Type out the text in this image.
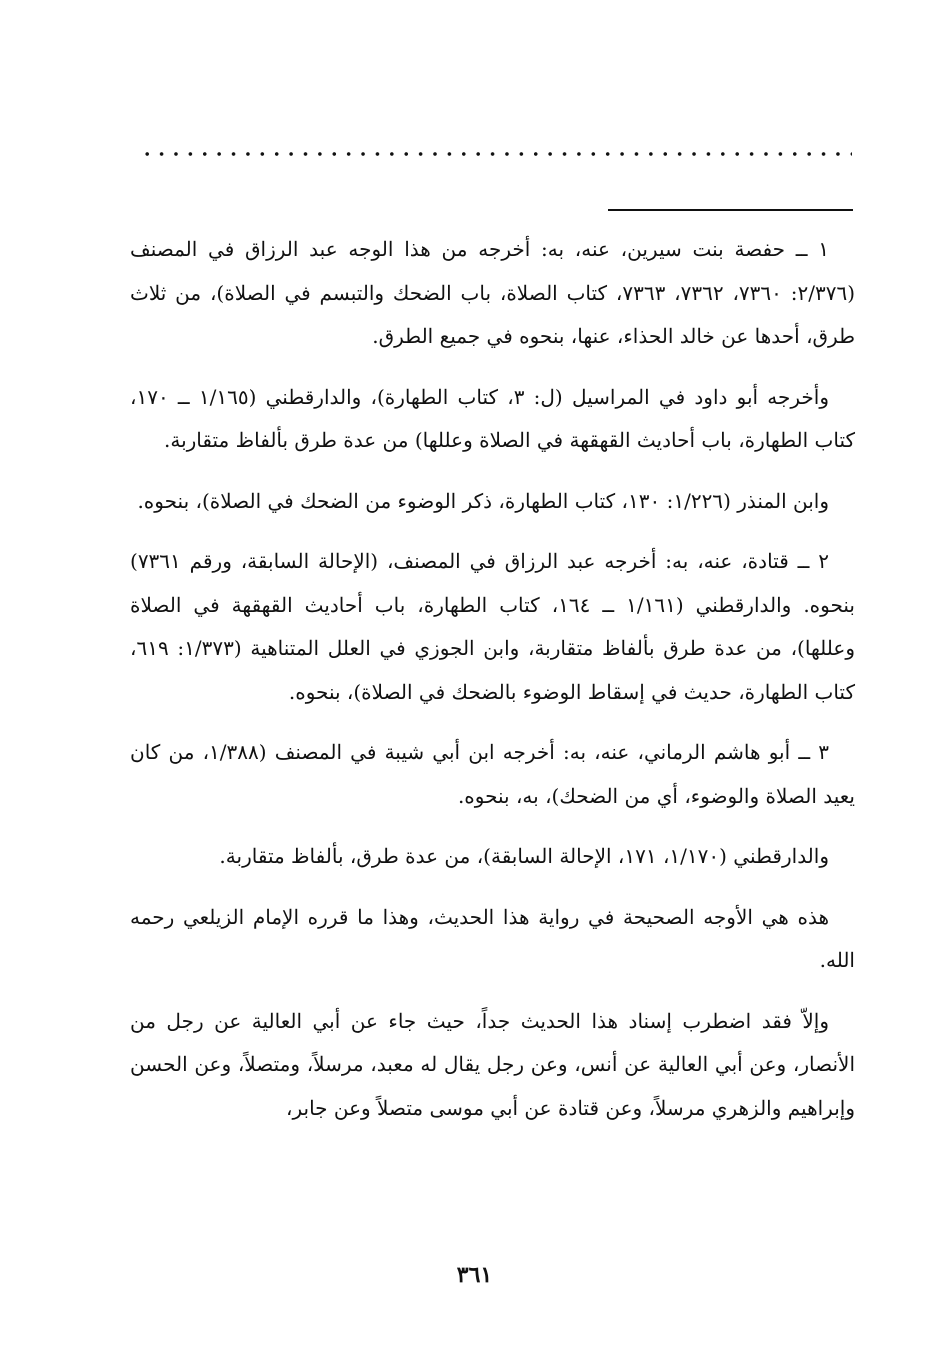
١ ــ حفصة بنت سيرين، عنه، به: أخرجه من هذا الوجه عبد الرزاق في المصنف (٢/٣٧٦: ٧٣٦٠، ٧٣٦٢، ٧٣٦٣، كتاب الصلاة، باب الضحك والتبسم في الصلاة)، من ثلاث طرق، أحدها عن خالد الحذاء، عنها، بنحوه في جميع الطرق.

وأخرجه أبو داود في المراسيل (ل: ٣، كتاب الطهارة)، والدارقطني (١/١٦٥ ــ ١٧٠، كتاب الطهارة، باب أحاديث القهقهة في الصلاة وعللها) من عدة طرق بألفاظ متقاربة.

وابن المنذر (١/٢٢٦: ١٣٠، كتاب الطهارة، ذكر الوضوء من الضحك في الصلاة)، بنحوه.

٢ ــ قتادة، عنه، به: أخرجه عبد الرزاق في المصنف، (الإحالة السابقة، ورقم ٧٣٦١) بنحوه. والدارقطني (١/١٦١ ــ ١٦٤، كتاب الطهارة، باب أحاديث القهقهة في الصلاة وعللها)، من عدة طرق بألفاظ متقاربة، وابن الجوزي في العلل المتناهية (١/٣٧٣: ٦١٩، كتاب الطهارة، حديث في إسقاط الوضوء بالضحك في الصلاة)، بنحوه.

٣ ــ أبو هاشم الرماني، عنه، به: أخرجه ابن أبي شيبة في المصنف (١/٣٨٨، من كان يعيد الصلاة والوضوء، أي من الضحك)، به، بنحوه.

والدارقطني (١/١٧٠، ١٧١، الإحالة السابقة)، من عدة طرق، بألفاظ متقاربة.

هذه هي الأوجه الصحيحة في رواية هذا الحديث، وهذا ما قرره الإمام الزيلعي رحمه الله.

وإلاّ فقد اضطرب إسناد هذا الحديث جداً، حيث جاء عن أبي العالية عن رجل من الأنصار، وعن أبي العالية عن أنس، وعن رجل يقال له معبد، مرسلاً، ومتصلاً، وعن الحسن وإبراهيم والزهري مرسلاً، وعن قتادة عن أبي موسى متصلاً وعن جابر،

٣٦١
